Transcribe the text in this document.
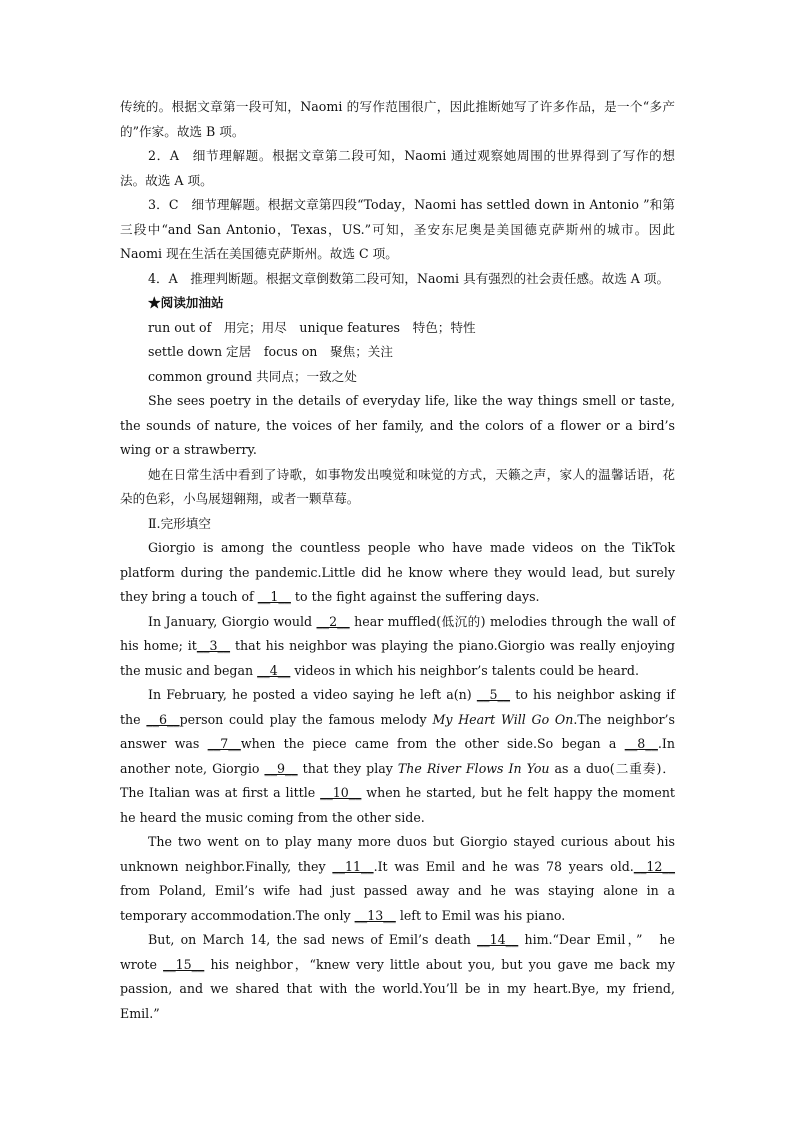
传统的。根据文章第一段可知，Naomi 的写作范围很广，因此推断她写了许多作品，是一个“多产的”作家。故选 B 项。

2．A　细节理解题。根据文章第二段可知，Naomi 通过观察她周围的世界得到了写作的想法。故选 A 项。

3．C　细节理解题。根据文章第四段“Today，Naomi has settled down in Antonio ”和第三段中“and San Antonio，Texas，US.”可知，圣安东尼奥是美国德克萨斯州的城市。因此 Naomi 现在生活在美国德克萨斯州。故选 C 项。

4．A　推理判断题。根据文章倒数第二段可知，Naomi 具有强烈的社会责任感。故选 A 项。

★阅读加油站

run out of　用完；用尽　unique features　特色；特性

settle down 定居　focus on　聚焦；关注

common ground 共同点；一致之处

She sees poetry in the details of everyday life, like the way things smell or taste, the sounds of nature, the voices of her family, and the colors of a flower or a bird’s wing or a strawberry.

她在日常生活中看到了诗歌，如事物发出嗅觉和味觉的方式，天籁之声，家人的温馨话语，花朵的色彩，小鸟展翅翱翔，或者一颗草莓。

Ⅱ.完形填空

Giorgio is among the countless people who have made videos on the TikTok platform during the pandemic.Little did he know where they would lead, but surely they bring a touch of __1__ to the fight against the suffering days.

In January, Giorgio would __2__ hear muffled(低沉的) melodies through the wall of his home; it__3__ that his neighbor was playing the piano.Giorgio was really enjoying the music and began __4__ videos in which his neighbor’s talents could be heard.

In February, he posted a video saying he left a(n) __5__ to his neighbor asking if the __6__person could play the famous melody My Heart Will Go On.The neighbor’s answer was __7__when the piece came from the other side.So began a __8__.In another note, Giorgio __9__ that they play The River Flows In You as a duo(二重奏)．The Italian was at first a little __10__ when he started, but he felt happy the moment he heard the music coming from the other side.

The two went on to play many more duos but Giorgio stayed curious about his unknown neighbor.Finally, they __11__.It was Emil and he was 78 years old.__12__ from Poland, Emil’s wife had just passed away and he was staying alone in a temporary accommodation.The only __13__ left to Emil was his piano.

But, on March 14, the sad news of Emil’s death __14__ him.“Dear Emil，”　he wrote __15__ his neighbor，“knew very little about you, but you gave me back my passion, and we shared that with the world.You’ll be in my heart.Bye, my friend, Emil.”
